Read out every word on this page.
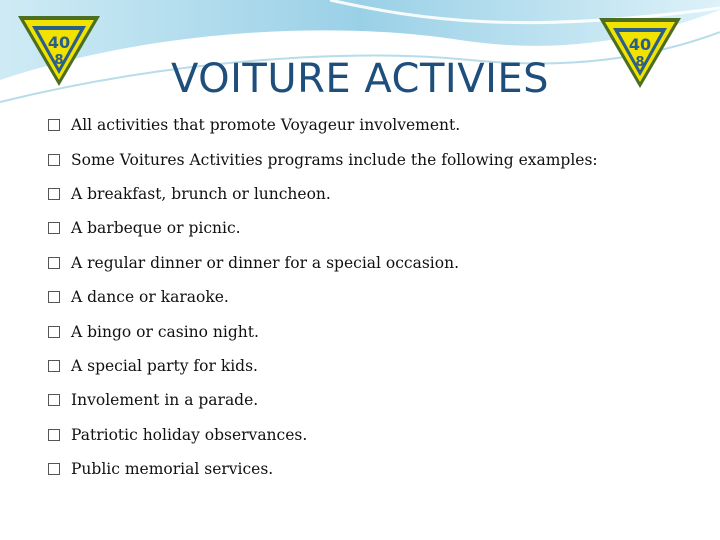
40
8
40
8
VOITURE ACTIVIES
All activities that promote Voyageur involvement.
Some Voitures Activities programs include the following examples:
A breakfast, brunch or luncheon.
A barbeque or picnic.
A regular dinner or dinner for a special occasion.
A dance or karaoke.
A bingo or casino night.
A special party for kids.
Involement in a parade.
Patriotic holiday observances.
Public memorial services.
